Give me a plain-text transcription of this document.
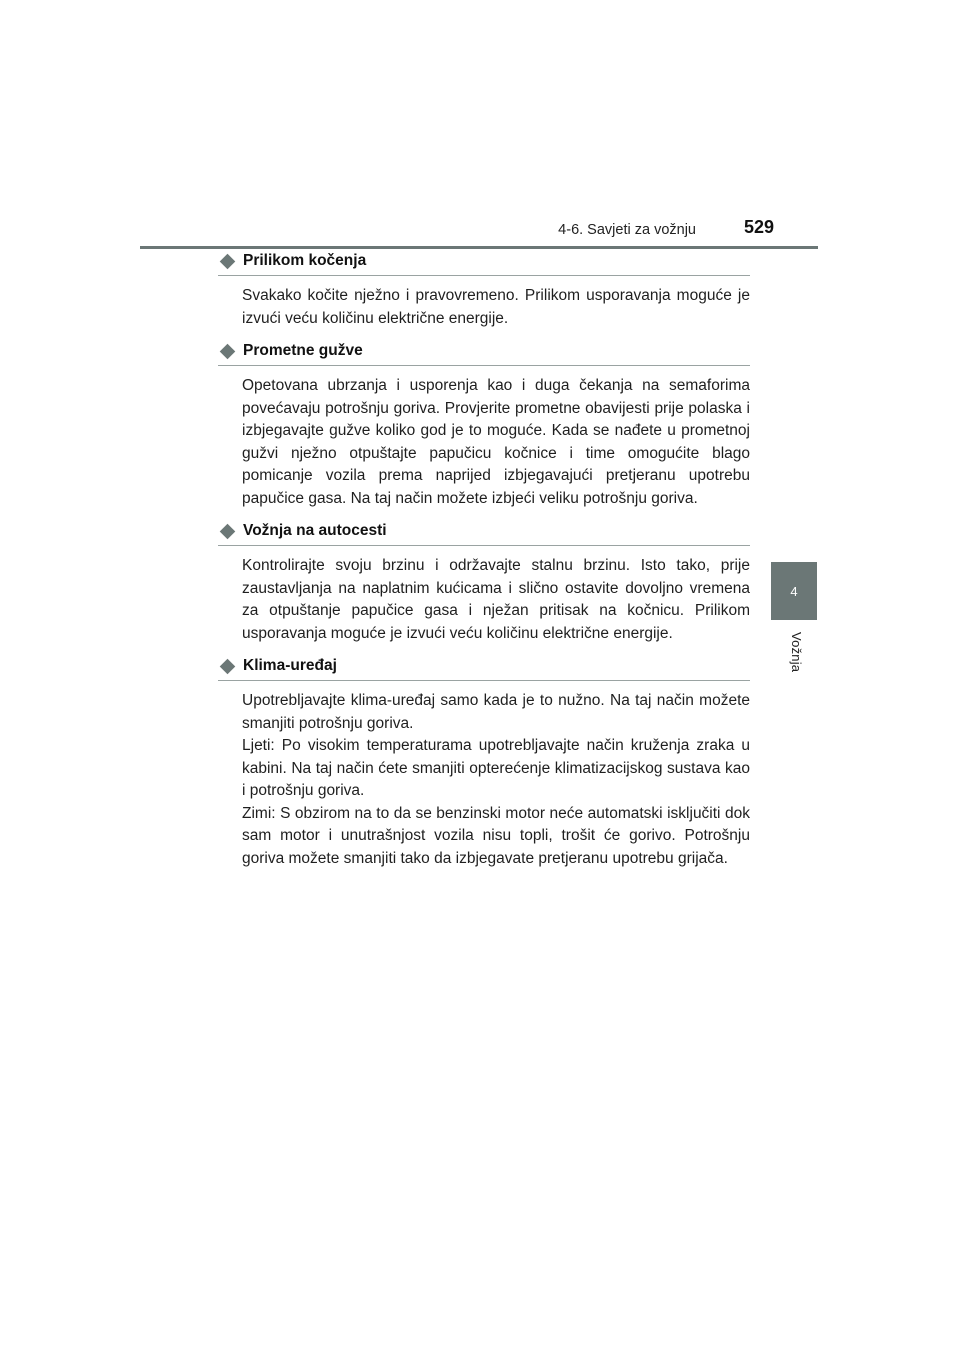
4-6. Savjeti za vožnju	529
4
Vožnja
Prilikom kočenja

Svakako kočite nježno i pravovremeno. Prilikom usporavanja moguće je izvući veću količinu električne energije.

Prometne gužve

Opetovana ubrzanja i usporenja kao i duga čekanja na semaforima povećavaju potrošnju goriva. Provjerite prometne obavijesti prije polaska i izbjegavajte gužve koliko god je to moguće. Kada se nađete u prometnoj gužvi nježno otpuštajte papučicu kočnice i time omogućite blago pomicanje vozila prema naprijed izbjegavajući pretjeranu upotrebu papučice gasa. Na taj način možete izbjeći veliku potrošnju goriva.

Vožnja na autocesti

Kontrolirajte svoju brzinu i održavajte stalnu brzinu. Isto tako, prije zaustavljanja na naplatnim kućicama i slično ostavite dovoljno vremena za otpuštanje papučice gasa i nježan pritisak na kočnicu. Prilikom usporavanja moguće je izvući veću količinu električne energije.

Klima-uređaj

Upotrebljavajte klima-uređaj samo kada je to nužno. Na taj način možete smanjiti potrošnju goriva.

Ljeti: Po visokim temperaturama upotrebljavajte način kruženja zraka u kabini. Na taj način ćete smanjiti opterećenje klimatizacijskog sustava kao i potrošnju goriva.

Zimi: S obzirom na to da se benzinski motor neće automatski isključiti dok sam motor i unutrašnjost vozila nisu topli, trošit će gorivo. Potrošnju goriva možete smanjiti tako da izbjegavate pretjeranu upotrebu grijača.
